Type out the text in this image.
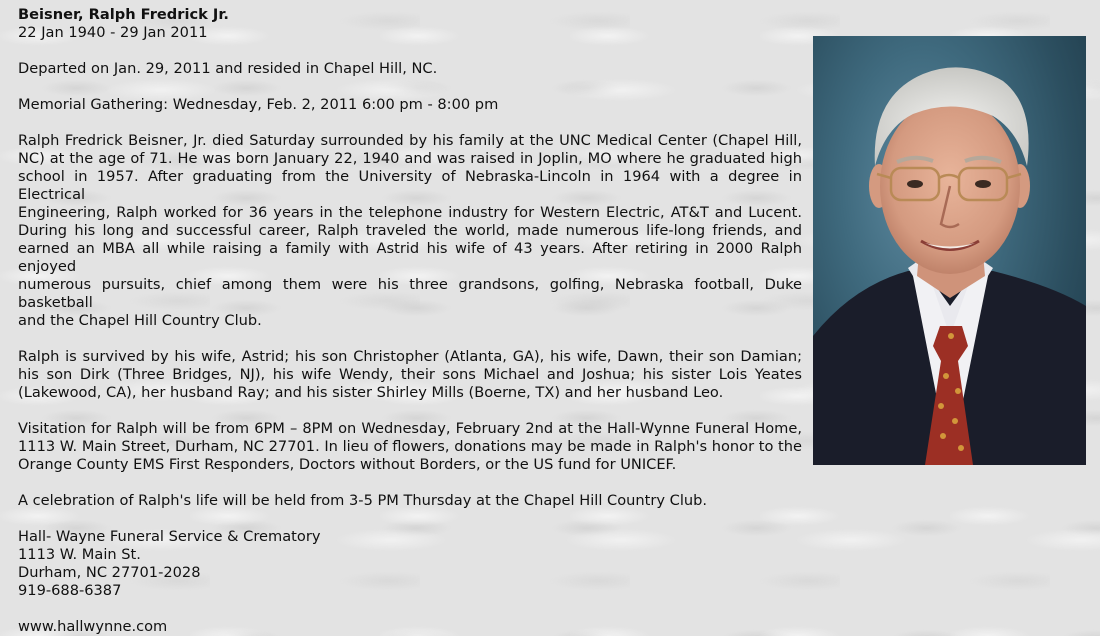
Beisner, Ralph Fredrick Jr.

22 Jan 1940 - 29 Jan 2011

Departed on Jan. 29, 2011 and resided in Chapel Hill, NC.

Memorial Gathering: Wednesday, Feb. 2, 2011 6:00 pm - 8:00 pm

Ralph Fredrick Beisner, Jr. died Saturday surrounded by his family at the UNC Medical Center (Chapel Hill,
NC) at the age of 71. He was born January 22, 1940 and was raised in Joplin, MO where he graduated high
school in 1957. After graduating from the University of Nebraska-Lincoln in 1964 with a degree in Electrical
Engineering, Ralph worked for 36 years in the telephone industry for Western Electric, AT&T and Lucent.
During his long and successful career, Ralph traveled the world, made numerous life-long friends, and
earned an MBA all while raising a family with Astrid his wife of 43 years. After retiring in 2000 Ralph enjoyed
numerous pursuits, chief among them were his three grandsons, golfing, Nebraska football, Duke basketball
and the Chapel Hill Country Club.
Ralph is survived by his wife, Astrid; his son Christopher (Atlanta, GA), his wife, Dawn, their son Damian;
his son Dirk (Three Bridges, NJ), his wife Wendy, their sons Michael and Joshua; his sister Lois Yeates
(Lakewood, CA), her husband Ray; and his sister Shirley Mills (Boerne, TX) and her husband Leo.
Visitation for Ralph will be from 6PM – 8PM on Wednesday, February 2nd at the Hall-Wynne Funeral Home,
1113 W. Main Street, Durham, NC 27701. In lieu of flowers, donations may be made in Ralph's honor to the
Orange County EMS First Responders, Doctors without Borders, or the US fund for UNICEF.

A celebration of Ralph's life will be held from 3-5 PM Thursday at the Chapel Hill Country Club.

Hall- Wayne Funeral Service & Crematory

1113 W. Main St.

Durham, NC 27701-2028

919-688-6387

www.hallwynne.com
